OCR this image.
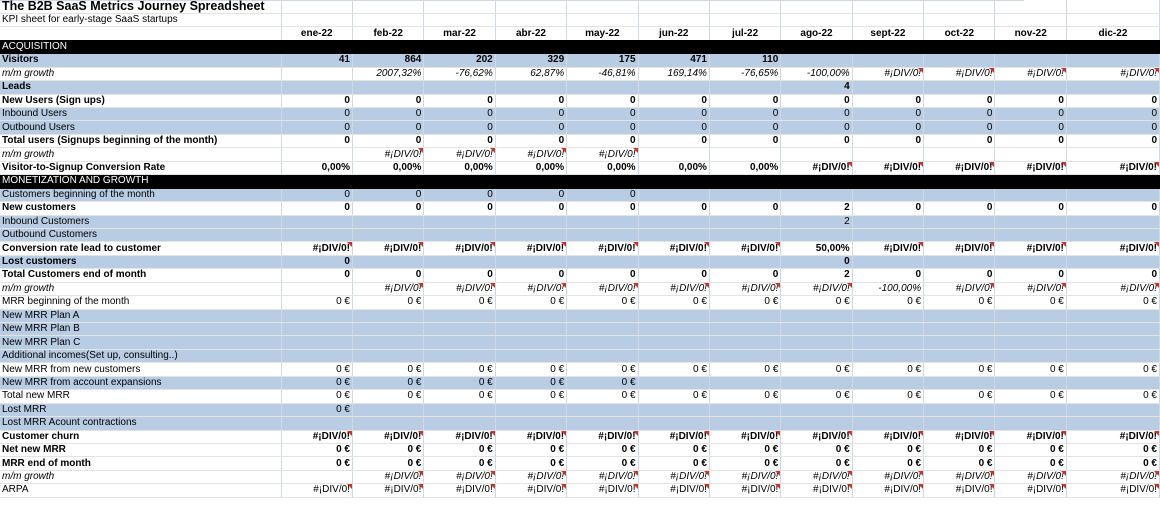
The B2B SaaS Metrics Journey Spreadsheet												
KPI sheet for early-stage SaaS startups												
	ene-22	feb-22	mar-22	abr-22	may-22	jun-22	jul-22	ago-22	sept-22	oct-22	nov-22	dic-22
ACQUISITION												
Visitors	41	864	202	329	175	471	110					
m/m growth		2007,32%	-76,62%	62,87%	-46,81%	169,14%	-76,65%	-100,00%	#¡DIV/0!	#¡DIV/0!	#¡DIV/0!	#¡DIV/0!

Leads								4				
New Users (Sign ups)	0	0	0	0	0	0	0	0	0	0	0	0
Inbound Users	0	0	0	0	0	0	0	0	0	0	0	0
Outbound Users	0	0	0	0	0	0	0	0	0	0	0	0
Total users (Signups beginning of the month)	0	0	0	0	0	0	0	0	0	0	0	0
m/m growth		#¡DIV/0!	#¡DIV/0!	#¡DIV/0!	#¡DIV/0!

Visitor-to-Signup Conversion Rate	0,00%	0,00%	0,00%	0,00%	0,00%	0,00%	0,00%	#¡DIV/0!	#¡DIV/0!	#¡DIV/0!	#¡DIV/0!	#¡DIV/0!

MONETIZATION AND GROWTH												
Customers beginning of the month	0	0	0	0	0							
New customers	0	0	0	0	0	0	0	2	0	0	0	0
Inbound Customers								2				
Outbound Customers												
Conversion rate lead to customer	#¡DIV/0!	#¡DIV/0!	#¡DIV/0!	#¡DIV/0!	#¡DIV/0!	#¡DIV/0!	#¡DIV/0!	50,00%	#¡DIV/0!	#¡DIV/0!	#¡DIV/0!	#¡DIV/0!

Lost customers	0							0				
Total Customers end of month	0	0	0	0	0	0	0	2	0	0	0	0
m/m growth		#¡DIV/0!	#¡DIV/0!	#¡DIV/0!	#¡DIV/0!	#¡DIV/0!	#¡DIV/0!	#¡DIV/0!	-100,00%	#¡DIV/0!	#¡DIV/0!	#¡DIV/0!

MRR beginning of the month	0 €	0 €	0 €	0 €	0 €	0 €	0 €	0 €	0 €	0 €	0 €	0 €
New MRR Plan A												
New MRR Plan B												
New MRR Plan C												
Additional incomes(Set up, consulting..)												
New MRR from new customers	0 €	0 €	0 €	0 €	0 €	0 €	0 €	0 €	0 €	0 €	0 €	0 €
New MRR from account expansions	0 €	0 €	0 €	0 €	0 €							
Total new MRR	0 €	0 €	0 €	0 €	0 €	0 €	0 €	0 €	0 €	0 €	0 €	0 €
Lost MRR	0 €											
Lost MRR Acount contractions												
Customer churn	#¡DIV/0!	#¡DIV/0!	#¡DIV/0!	#¡DIV/0!	#¡DIV/0!	#¡DIV/0!	#¡DIV/0!	#¡DIV/0!	#¡DIV/0!	#¡DIV/0!	#¡DIV/0!	#¡DIV/0!

Net new MRR	0 €	0 €	0 €	0 €	0 €	0 €	0 €	0 €	0 €	0 €	0 €	0 €
MRR end of month	0 €	0 €	0 €	0 €	0 €	0 €	0 €	0 €	0 €	0 €	0 €	0 €
m/m growth		#¡DIV/0!	#¡DIV/0!	#¡DIV/0!	#¡DIV/0!	#¡DIV/0!	#¡DIV/0!	#¡DIV/0!	#¡DIV/0!	#¡DIV/0!	#¡DIV/0!	#¡DIV/0!

ARPA	#¡DIV/0!	#¡DIV/0!	#¡DIV/0!	#¡DIV/0!	#¡DIV/0!	#¡DIV/0!	#¡DIV/0!	#¡DIV/0!	#¡DIV/0!	#¡DIV/0!	#¡DIV/0!	#¡DIV/0!
